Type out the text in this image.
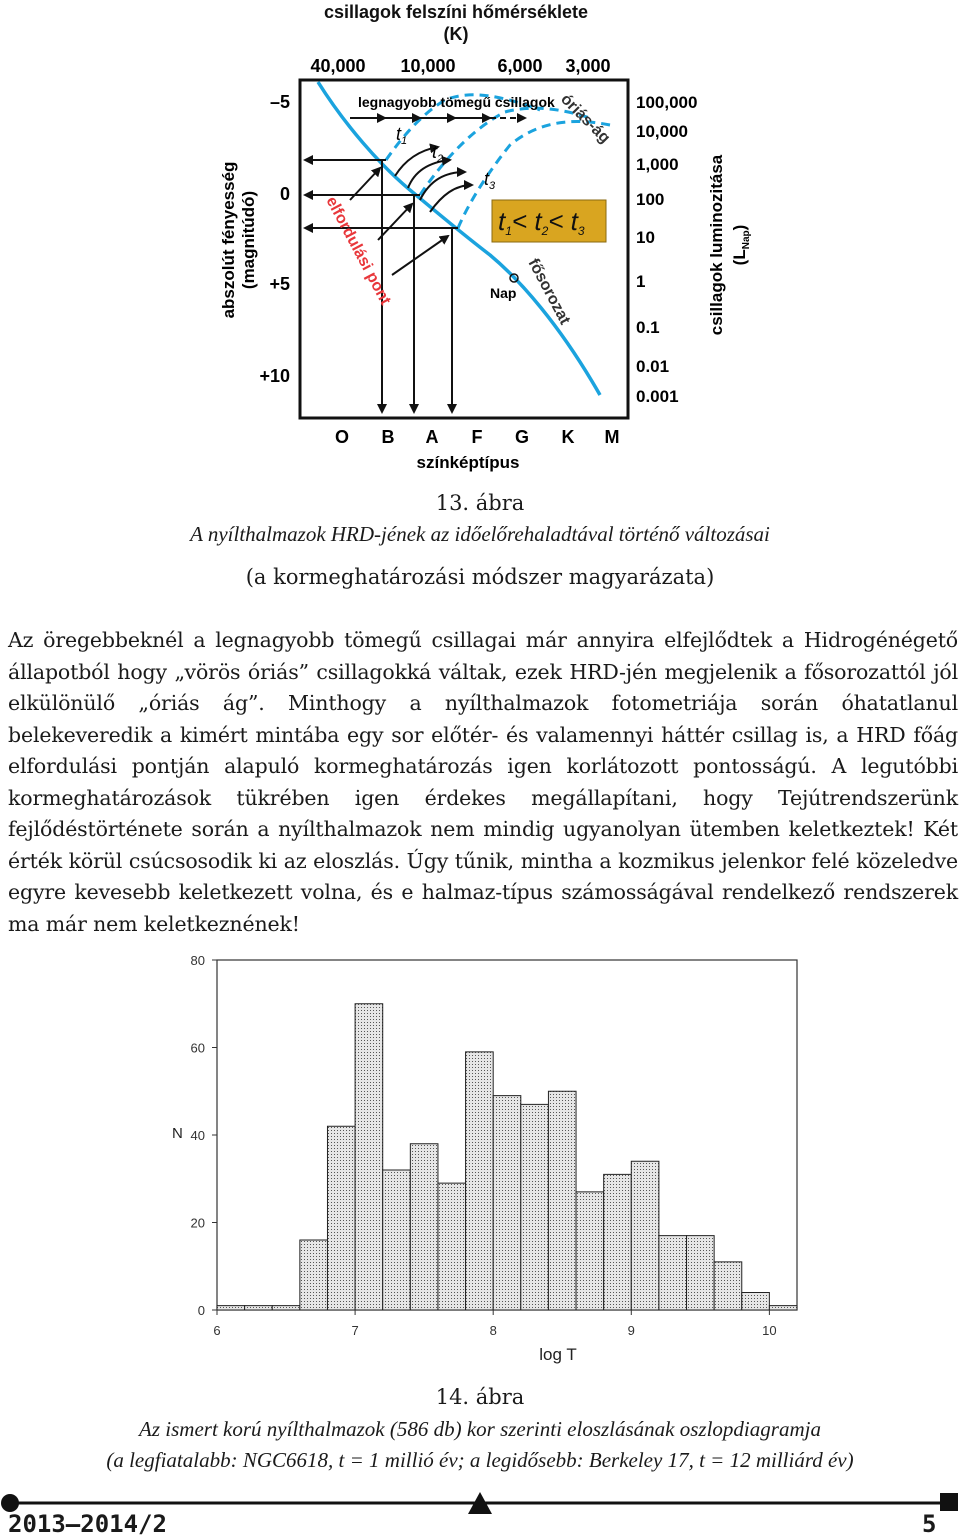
csillagok felszíni hőmérséklete
(K)
40,000 10,000 6,000 3,000
abszolút fényesség (magnitúdó)
–5
0
+5
+10
100,000
10,000
1,000
100
10
1
0.1
0.01
0.001
csillagok luminozitása $(L_{Nap})$
O B A F G K M
színképtípus
legnagyobb tömegű csillagok óriás-ág
fősorozat
elfordulási pont	Nap
$t_1$
$t_2$
$t_3$
t1< t2< t3
13. ábra
A nyílthalmazok HRD-jének az időelőrehaladtával történő változásai
(a kormeghatározási módszer magyarázata)
Az öregebbeknél a legnagyobb tömegű csillagai már annyira elfejlődtek a Hidrogénégető állapotból hogy „vörös óriás” csillagokká váltak, ezek HRD-jén megjelenik a fősorozattól jól elkülönülő „óriás ág”. Minthogy a nyílthalmazok fotometriája során óhatatlanul belekeveredik a kimért mintába egy sor előtér- és valamennyi háttér csillag is, a HRD főág elfordulási pontján alapuló kormeghatározás igen korlátozott pontosságú. A legutóbbi kormeghatározások tükrében igen érdekes megállapítani, hogy Tejútrendszerünk fejlődéstörténete során a nyílthalmazok nem mindig ugyanolyan ütemben keletkeztek! Két érték körül csúcsosodik ki az eloszlás. Úgy tűnik, mintha a kozmikus jelenkor felé közeledve egyre kevesebb keletkezett volna, és e halmaz-típus számosságával rendelkező rendszerek ma már nem keletkeznének!
0
20
40
60
80
6	7	8	9	10
N
log T
14. ábra
Az ismert korú nyílthalmazok (586 db) kor szerinti eloszlásának oszlopdiagramja
(a legfiatalabb: NGC6618, t = 1 millió év; a legidősebb: Berkeley 17, t = 12 milliárd év)
2013–2014/2	5
